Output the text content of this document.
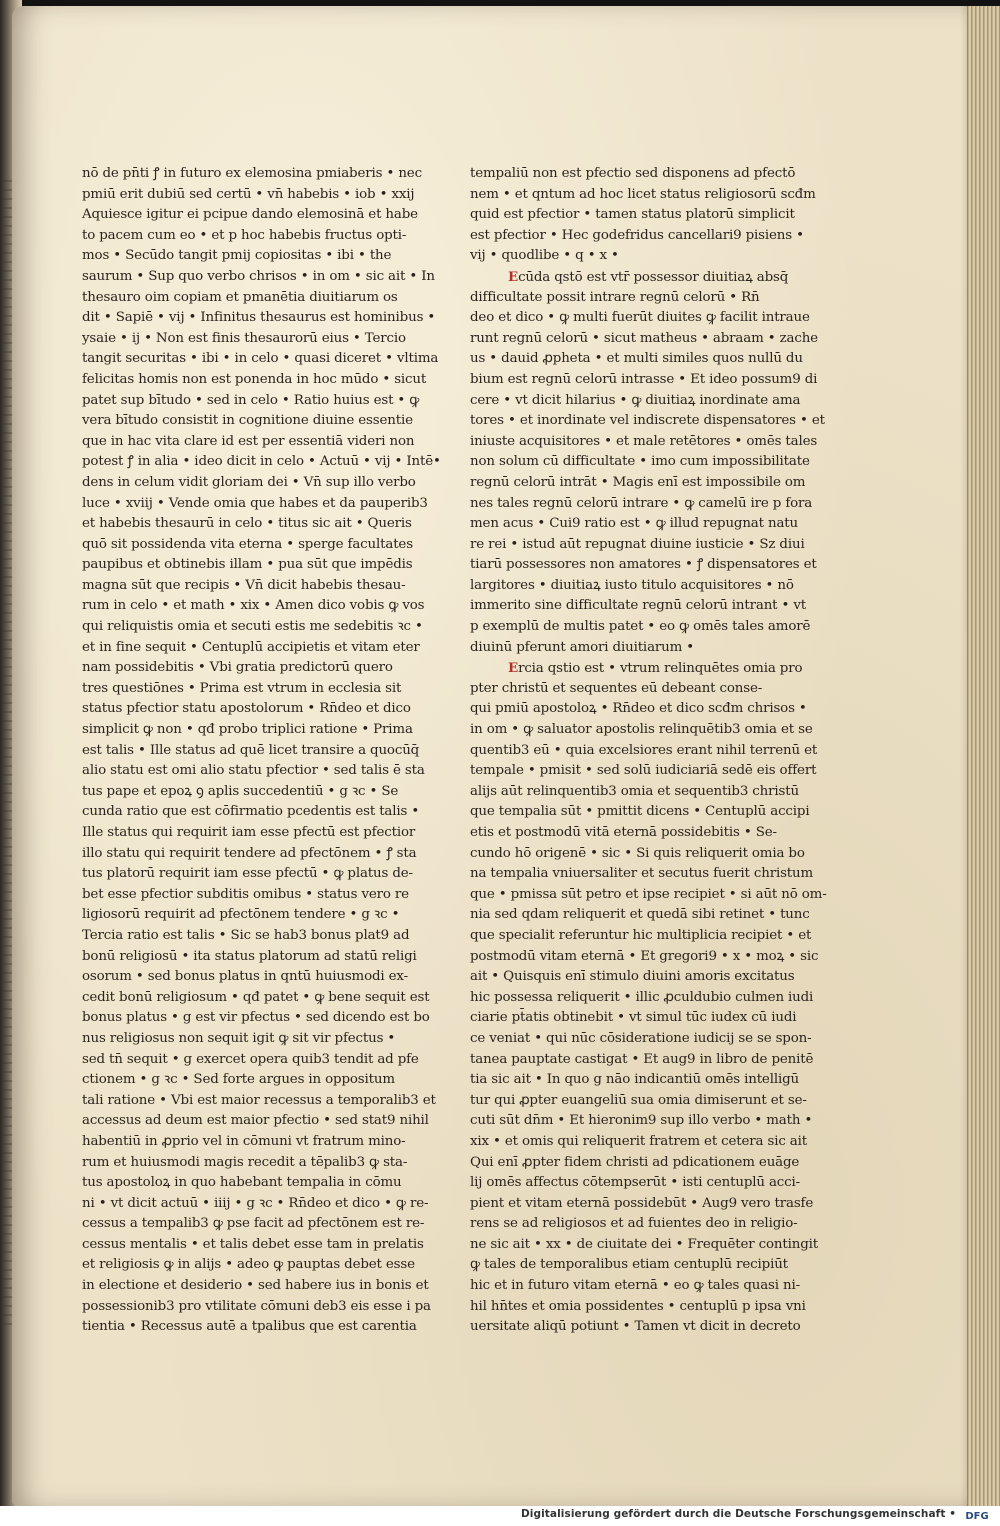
nō de pn̄ti ꝭ in futuro ex elemosina pmiaberis • nec
pmiū erit dubiū sed certū • vn̄ habebis • iob • xxij
Aquiesce igitur ei pcipue dando elemosinā et habe
to pacem cum eo • et p hoc habebis fructus opti-
mos • Secūdo tangit pmij copiositas • ibi • the
saurum • Sup quo verbo chrisos • in om • sic ait • In
thesauro oim copiam et pmanētia diuitiarum os
dit • Sapiē • vij • Infinitus thesaurus est hominibus •
ysaie • ij • Non est finis thesaurorū eius • Tercio
tangit securitas • ibi • in celo • quasi diceret • vltima
felicitas homis non est ponenda in hoc mūdo • sicut
patet sup bītudo • sed in celo • Ratio huius est • ꝙ
vera bītudo consistit in cognitione diuine essentie
que in hac vita clare id est per essentiā videri non
potest ꝭ in alia • ideo dicit in celo • Actuū • vij • Intē•
dens in celum vidit gloriam dei • Vn̄ sup illo verbo
luce • xviij • Vende omia que habes et da pauperib3
et habebis thesaurū in celo • titus sic ait • Queris
quō sit possidenda vita eterna • sperge facultates
paupibus et obtinebis illam • pua sūt que impēdis
magna sūt que recipis • Vn̄ dicit habebis thesau-
rum in celo • et math • xix • Amen dico vobis ꝙ vos
qui reliquistis omia et secuti estis me sedebitis ꝛc •
et in fine sequit • Centuplū accipietis et vitam eter
nam possidebitis • Vbi gratia predictorū quero
tres questiōnes • Prima est vtrum in ecclesia sit
status pfectior statu apostolorum • Rn̄deo et dico
simplicit ꝙ non • qđ probo triplici ratione • Prima
est talis • Ille status ad quē licet transire a quocūq̄
alio statu est omi alio statu pfectior • sed talis ē sta
tus pape et epoꝝ ꝯ aplis succedentiū • g ꝛc • Se
cunda ratio que est cōfirmatio pcedentis est talis •
Ille status qui requirit iam esse pfectū est pfectior
illo statu qui requirit tendere ad pfectōnem • ꝭ sta
tus platorū requirit iam esse pfectū • ꝙ platus de-
bet esse pfectior subditis omibus • status vero re
ligiosorū requirit ad pfectōnem tendere • g ꝛc •
Tercia ratio est talis • Sic se hab3 bonus plat9 ad
bonū religiosū • ita status platorum ad statū religi
osorum • sed bonus platus in qntū huiusmodi ex-
cedit bonū religiosum • qđ patet • ꝙ bene sequit est
bonus platus • g est vir pfectus • sed dicendo est bo
nus religiosus non sequit igit ꝙ sit vir pfectus •
sed tn̄ sequit • g exercet opera quib3 tendit ad pfe
ctionem • g ꝛc • Sed forte argues in oppositum
tali ratione • Vbi est maior recessus a temporalib3 et
accessus ad deum est maior pfectio • sed stat9 nihil
habentiū in ꝓprio vel in cōmuni vt fratrum mino-
rum et huiusmodi magis recedit a tēpalib3 ꝙ sta-
tus apostoloꝝ in quo habebant tempalia in cōmu
ni • vt dicit actuū • iiij • g ꝛc • Rn̄deo et dico • ꝙ re-
cessus a tempalib3 ꝙ pse facit ad pfectōnem est re-
cessus mentalis • et talis debet esse tam in prelatis
et religiosis ꝙ in alijs • adeo ꝙ pauptas debet esse
in electione et desiderio • sed habere ius in bonis et
possessionib3 pro vtilitate cōmuni deb3 eis esse i pa
tientia • Recessus autē a tpalibus que est carentia
tempaliū non est pfectio sed disponens ad pfectō
nem • et qntum ad hoc licet status religiosorū scđm
quid est pfectior • tamen status platorū simplicit
est pfectior • Hec godefridus cancellari9 pisiens •
vij • quodlibe • q • x •
Ecūda qstō est vtr̄ possessor diuitiaꝝ absq̄
difficultate possit intrare regnū celorū • Rn̄
deo et dico • ꝙ multi fuerūt diuites ꝙ facilit intraue
runt regnū celorū • sicut matheus • abraam • zache
us • dauid ꝓpheta • et multi similes quos nullū du
bium est regnū celorū intrasse • Et ideo possum9 di
cere • vt dicit hilarius • ꝙ diuitiaꝝ inordinate ama
tores • et inordinate vel indiscrete dispensatores • et
iniuste acquisitores • et male retētores • omēs tales
non solum cū difficultate • imo cum impossibilitate
regnū celorū intrāt • Magis enī est impossibile om
nes tales regnū celorū intrare • ꝙ camelū ire p fora
men acus • Cui9 ratio est • ꝙ illud repugnat natu
re rei • istud aūt repugnat diuine iusticie • Sz diui
tiarū possessores non amatores • ꝭ dispensatores et
largitores • diuitiaꝝ iusto titulo acquisitores • nō
immerito sine difficultate regnū celorū intrant • vt
p exemplū de multis patet • eo ꝙ omēs tales amorē
diuinū pferunt amori diuitiarum •
Ercia qstio est • vtrum relinquētes omia pro
pter christū et sequentes eū debeant conse-
qui pmiū apostoloꝝ • Rn̄deo et dico scđm chrisos •
in om • ꝙ saluator apostolis relinquētib3 omia et se
quentib3 eū • quia excelsiores erant nihil terrenū et
tempale • pmisit • sed solū iudiciariā sedē eis offert
alijs aūt relinquentib3 omia et sequentib3 christū
que tempalia sūt • pmittit dicens • Centuplū accipi
etis et postmodū vitā eternā possidebitis • Se-
cundo hō origenē • sic • Si quis reliquerit omia bo
na tempalia vniuersaliter et secutus fuerit christum
que • pmissa sūt petro et ipse recipiet • si aūt nō om-
nia sed qdam reliquerit et quedā sibi retinet • tunc
que specialit referuntur hic multiplicia recipiet • et
postmodū vitam eternā • Et gregori9 • x • moꝝ • sic
ait • Quisquis enī stimulo diuini amoris excitatus
hic possessa reliquerit • illic ꝓculdubio culmen iudi
ciarie pt̄atis obtinebit • vt simul tūc iudex cū iudi
ce veniat • qui nūc cōsideratione iudicij se se spon-
tanea pauptate castigat • Et aug9 in libro de penitē
tia sic ait • In quo g nāo indicantiū omēs intelligū
tur qui ꝓpter euangeliū sua omia dimiserunt et se-
cuti sūt dn̄m • Et hieronim9 sup illo verbo • math •
xix • et omis qui reliquerit fratrem et cetera sic ait
Qui enī ꝓpter fidem christi ad pdicationem euāge
lij omēs affectus cōtempserūt • isti centuplū acci-
pient et vitam eternā possidebūt • Aug9 vero trasfe
rens se ad religiosos et ad fuientes deo in religio-
ne sic ait • xx • de ciuitate dei • Frequēter contingit
ꝙ tales de temporalibus etiam centuplū recipiūt
hic et in futuro vitam eternā • eo ꝙ tales quasi ni-
hil hn̄tes et omia possidentes • centuplū p ipsa vni
uersitate aliqū potiunt • Tamen vt dicit in decreto
Digitalisierung gefördert durch die Deutsche Forschungsgemeinschaft • DFG
